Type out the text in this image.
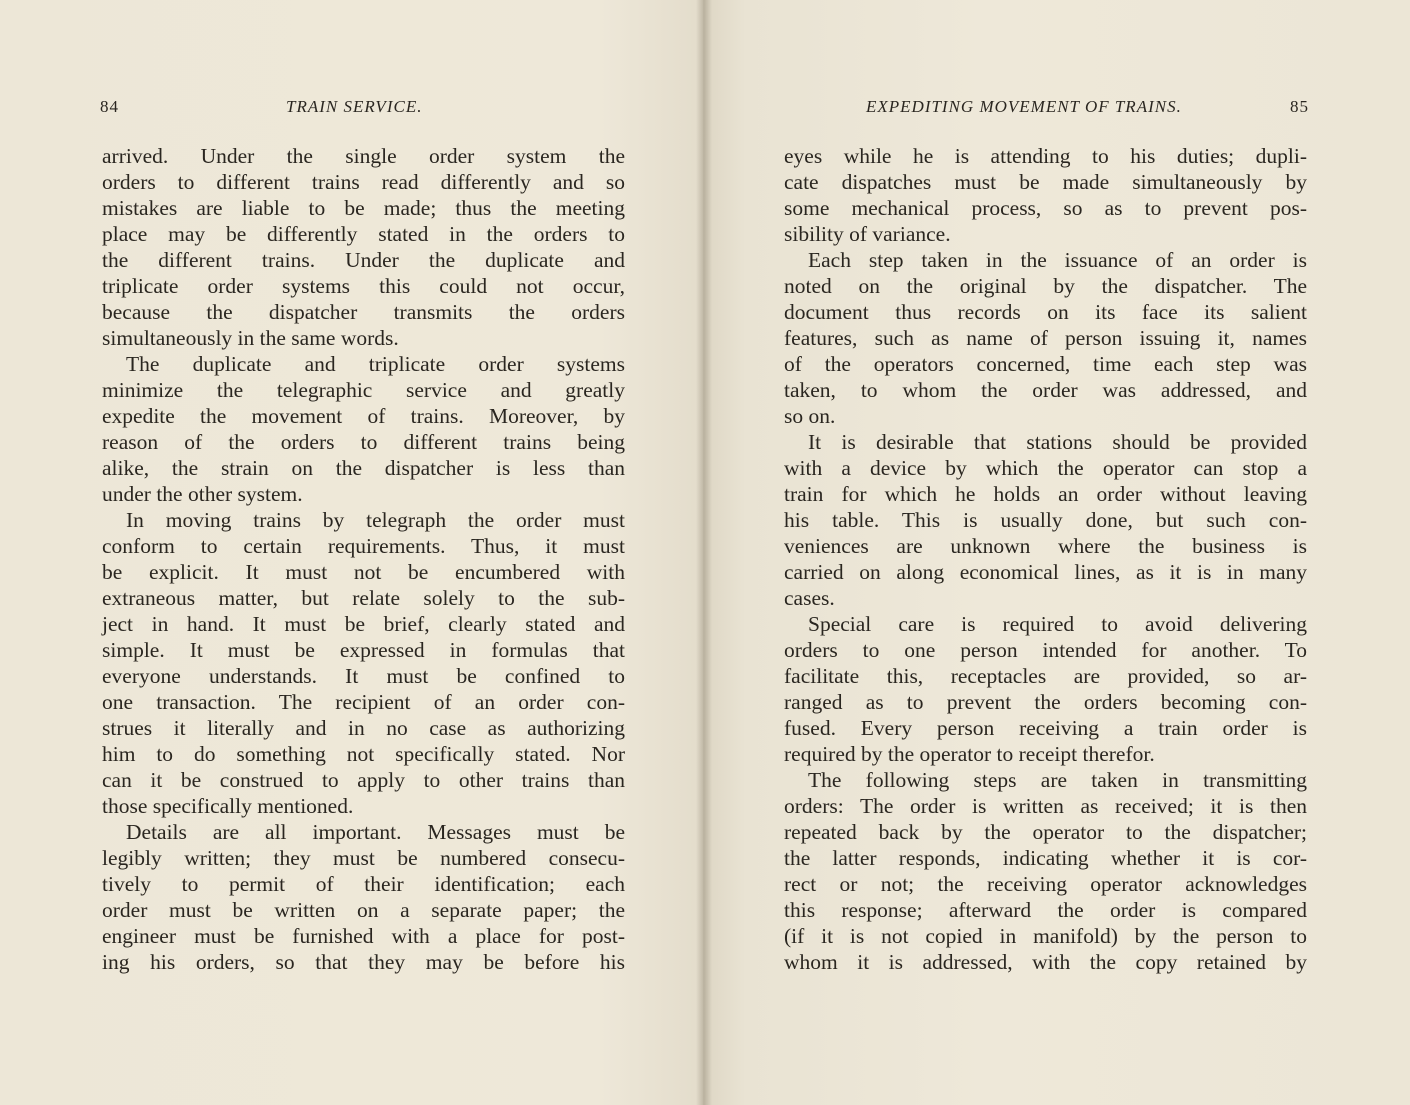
84	TRAIN SERVICE.	EXPEDITING MOVEMENT OF TRAINS.	85
arrived. Under the single order system the
orders to different trains read differently and so
mistakes are liable to be made; thus the meeting
place may be differently stated in the orders to
the different trains. Under the duplicate and
triplicate order systems this could not occur,
because the dispatcher transmits the orders
simultaneously in the same words.
The duplicate and triplicate order systems
minimize the telegraphic service and greatly
expedite the movement of trains. Moreover, by
reason of the orders to different trains being
alike, the strain on the dispatcher is less than
under the other system.
In moving trains by telegraph the order must
conform to certain requirements. Thus, it must
be explicit. It must not be encumbered with
extraneous matter, but relate solely to the sub-
ject in hand. It must be brief, clearly stated and
simple. It must be expressed in formulas that
everyone understands. It must be confined to
one transaction. The recipient of an order con-
strues it literally and in no case as authorizing
him to do something not specifically stated. Nor
can it be construed to apply to other trains than
those specifically mentioned.
Details are all important. Messages must be
legibly written; they must be numbered consecu-
tively to permit of their identification; each
order must be written on a separate paper; the
engineer must be furnished with a place for post-
ing his orders, so that they may be before his
eyes while he is attending to his duties; dupli-
cate dispatches must be made simultaneously by
some mechanical process, so as to prevent pos-
sibility of variance.
Each step taken in the issuance of an order is
noted on the original by the dispatcher. The
document thus records on its face its salient
features, such as name of person issuing it, names
of the operators concerned, time each step was
taken, to whom the order was addressed, and
so on.
It is desirable that stations should be provided
with a device by which the operator can stop a
train for which he holds an order without leaving
his table. This is usually done, but such con-
veniences are unknown where the business is
carried on along economical lines, as it is in many
cases.
Special care is required to avoid delivering
orders to one person intended for another. To
facilitate this, receptacles are provided, so ar-
ranged as to prevent the orders becoming con-
fused. Every person receiving a train order is
required by the operator to receipt therefor.
The following steps are taken in transmitting
orders: The order is written as received; it is then
repeated back by the operator to the dispatcher;
the latter responds, indicating whether it is cor-
rect or not; the receiving operator acknowledges
this response; afterward the order is compared
(if it is not copied in manifold) by the person to
whom it is addressed, with the copy retained by
